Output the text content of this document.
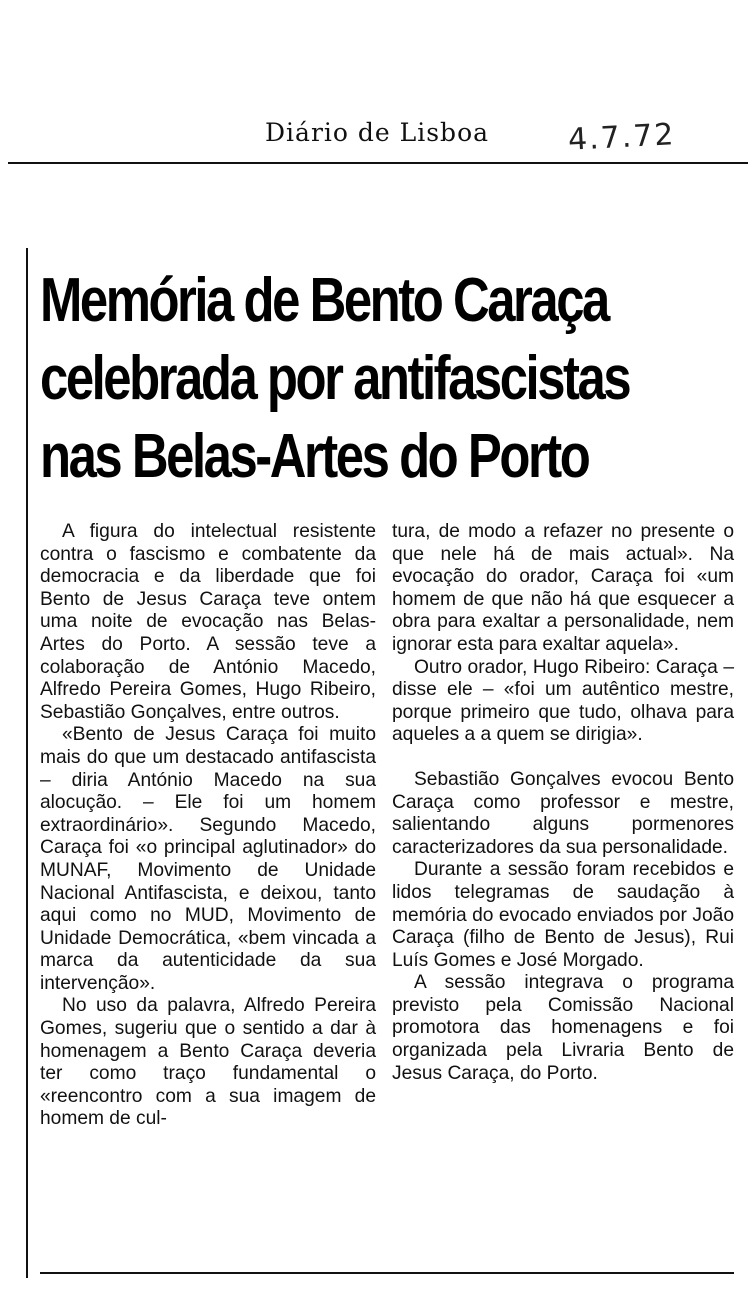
Diário de Lisboa	4.7.72
Memória de Bento Caraça
celebrada por antifascistas
nas Belas-Artes do Porto

A figura do intelectual resistente contra o fascismo e combatente da democracia e da liberdade que foi Bento de Jesus Caraça teve ontem uma noite de evocação nas Belas-Artes do Porto. A sessão teve a colaboração de António Macedo, Alfredo Pereira Gomes, Hugo Ribeiro, Sebastião Gonçalves, entre outros.

«Bento de Jesus Caraça foi muito mais do que um destacado antifascista – diria António Macedo na sua alocução. – Ele foi um homem extraordinário». Segundo Macedo, Caraça foi «o principal aglutinador» do MUNAF, Movimento de Unidade Nacional Antifascista, e deixou, tanto aqui como no MUD, Movimento de Unidade Democrática, «bem vincada a marca da autenticidade da sua intervenção».

No uso da palavra, Alfredo Pereira Gomes, sugeriu que o sentido a dar à homenagem a Bento Caraça deveria ter como traço fundamental o «reencontro com a sua imagem de homem de cul-

tura, de modo a refazer no presente o que nele há de mais actual». Na evocação do orador, Caraça foi «um homem de que não há que esquecer a obra para exaltar a personalidade, nem ignorar esta para exaltar aquela».

Outro orador, Hugo Ribeiro: Caraça – disse ele – «foi um autêntico mestre, porque primeiro que tudo, olhava para aqueles a a quem se dirigia».

Sebastião Gonçalves evocou Bento Caraça como professor e mestre, salientando alguns pormenores caracterizadores da sua personalidade.

Durante a sessão foram recebidos e lidos telegramas de saudação à memória do evocado enviados por João Caraça (filho de Bento de Jesus), Rui Luís Gomes e José Morgado.

A sessão integrava o programa previsto pela Comissão Nacional promotora das homenagens e foi organizada pela Livraria Bento de Jesus Caraça, do Porto.
